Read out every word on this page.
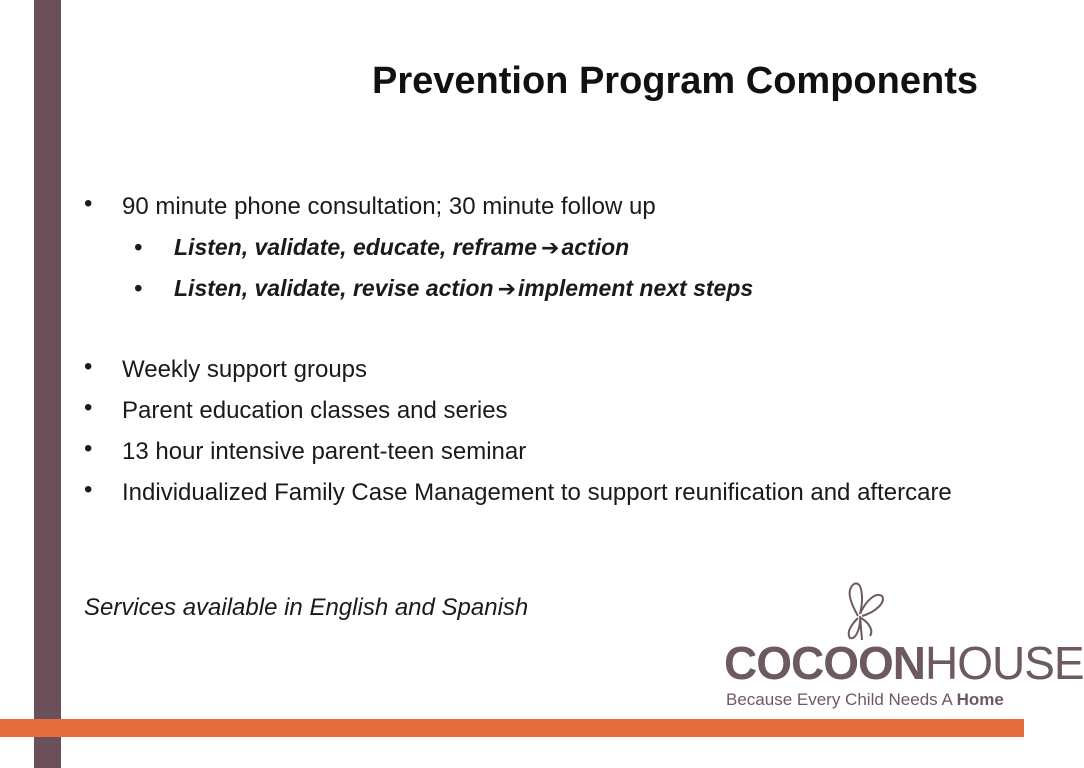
Prevention Program Components
•	90 minute phone consultation; 30 minute follow up
•	Listen, validate, educate, reframe ➔action
•	Listen, validate, revise action ➔implement next steps
•	Weekly support groups
•	Parent education classes and series
•	13 hour intensive parent-teen seminar
•	Individualized Family Case Management to support reunification and aftercare
Services available in English and Spanish
COCOONHOUSE
Because Every Child Needs A Home
